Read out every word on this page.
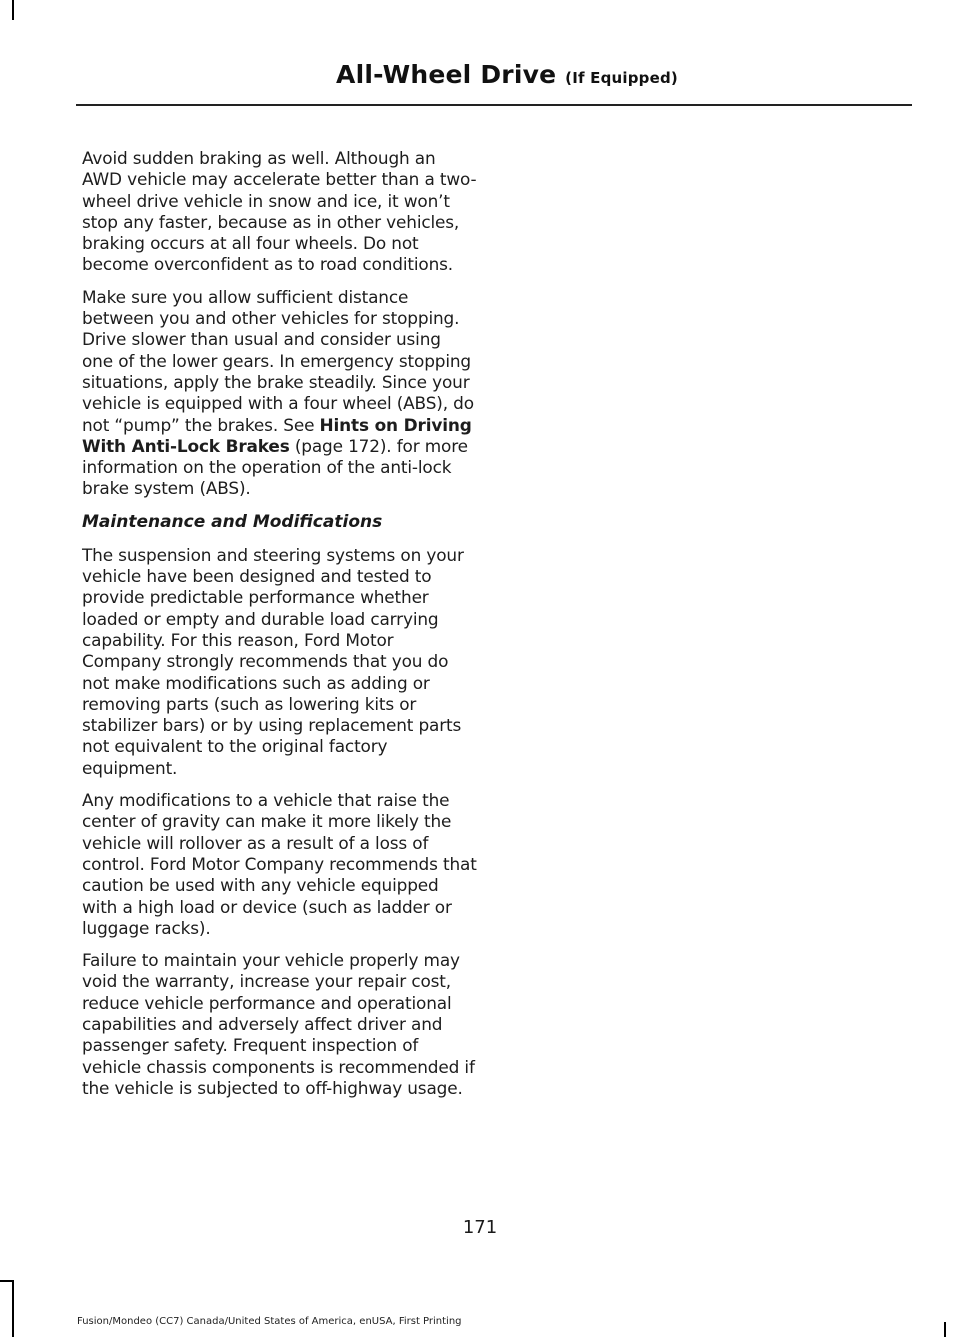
All-Wheel Drive (If Equipped)

Avoid sudden braking as well. Although an AWD vehicle may accelerate better than a two-wheel drive vehicle in snow and ice, it won’t stop any faster, because as in other vehicles, braking occurs at all four wheels. Do not become overconfident as to road conditions.

Make sure you allow sufficient distance between you and other vehicles for stopping. Drive slower than usual and consider using one of the lower gears. In emergency stopping situations, apply the brake steadily. Since your vehicle is equipped with a four wheel (ABS), do not “pump” the brakes. See Hints on Driving With Anti-Lock Brakes (page 172). for more information on the operation of the anti-lock brake system (ABS).

Maintenance and Modifications

The suspension and steering systems on your vehicle have been designed and tested to provide predictable performance whether loaded or empty and durable load carrying capability. For this reason, Ford Motor Company strongly recommends that you do not make modifications such as adding or removing parts (such as lowering kits or stabilizer bars) or by using replacement parts not equivalent to the original factory equipment.

Any modifications to a vehicle that raise the center of gravity can make it more likely the vehicle will rollover as a result of a loss of control. Ford Motor Company recommends that caution be used with any vehicle equipped with a high load or device (such as ladder or luggage racks).

Failure to maintain your vehicle properly may void the warranty, increase your repair cost, reduce vehicle performance and operational capabilities and adversely affect driver and passenger safety. Frequent inspection of vehicle chassis components is recommended if the vehicle is subjected to off-highway usage.

171
Fusion/Mondeo (CC7) Canada/United States of America, enUSA, First Printing
